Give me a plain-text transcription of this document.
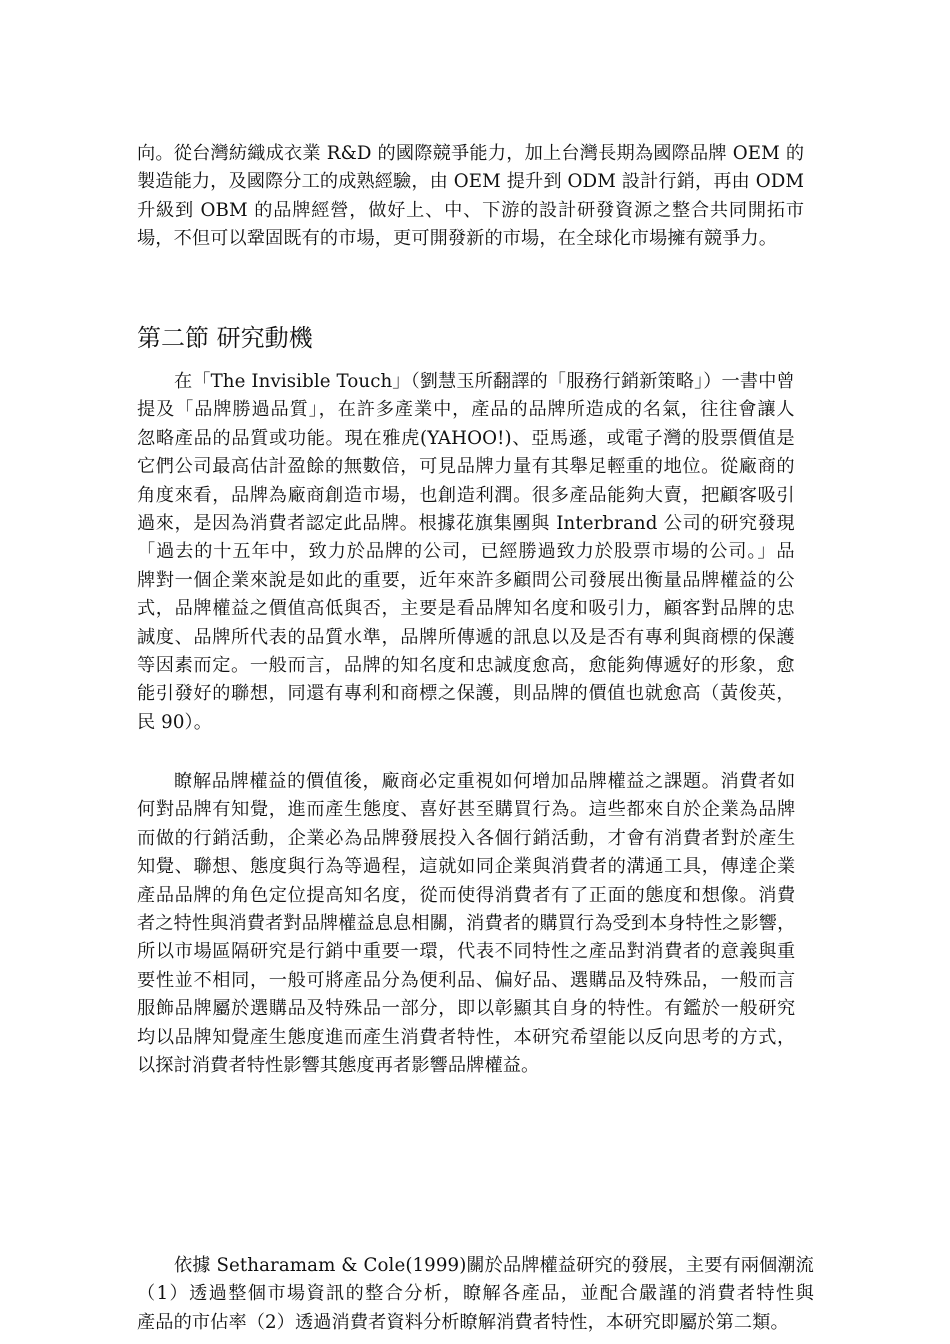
向。從台灣紡織成衣業 R&D 的國際競爭能力，加上台灣長期為國際品牌 OEM 的
製造能力，及國際分工的成熟經驗，由 OEM 提升到 ODM 設計行銷，再由 ODM
升級到 OBM 的品牌經營，做好上、中、下游的設計研發資源之整合共同開拓市
場，不但可以鞏固既有的市場，更可開發新的市場，在全球化市場擁有競爭力。
第二節 研究動機
在「The Invisible Touch」（劉慧玉所翻譯的「服務行銷新策略」）一書中曾
提及「品牌勝過品質」，在許多產業中，產品的品牌所造成的名氣，往往會讓人
忽略產品的品質或功能。現在雅虎(YAHOO!)、亞馬遜，或電子灣的股票價值是
它們公司最高估計盈餘的無數倍，可見品牌力量有其舉足輕重的地位。從廠商的
角度來看，品牌為廠商創造市場，也創造利潤。很多產品能夠大賣，把顧客吸引
過來，是因為消費者認定此品牌。根據花旗集團與 Interbrand 公司的研究發現
「過去的十五年中，致力於品牌的公司，已經勝過致力於股票市場的公司。」品
牌對一個企業來說是如此的重要，近年來許多顧問公司發展出衡量品牌權益的公
式，品牌權益之價值高低與否，主要是看品牌知名度和吸引力，顧客對品牌的忠
誠度、品牌所代表的品質水準，品牌所傳遞的訊息以及是否有專利與商標的保護
等因素而定。一般而言，品牌的知名度和忠誠度愈高，愈能夠傳遞好的形象，愈
能引發好的聯想，同還有專利和商標之保護，則品牌的價值也就愈高（黃俊英，
民 90）。
瞭解品牌權益的價值後，廠商必定重視如何增加品牌權益之課題。消費者如
何對品牌有知覺，進而產生態度、喜好甚至購買行為。這些都來自於企業為品牌
而做的行銷活動，企業必為品牌發展投入各個行銷活動，才會有消費者對於產生
知覺、聯想、態度與行為等過程，這就如同企業與消費者的溝通工具，傳達企業
產品品牌的角色定位提高知名度，從而使得消費者有了正面的態度和想像。消費
者之特性與消費者對品牌權益息息相關，消費者的購買行為受到本身特性之影響，
所以市場區隔研究是行銷中重要一環，代表不同特性之產品對消費者的意義與重
要性並不相同，一般可將產品分為便利品、偏好品、選購品及特殊品，一般而言
服飾品牌屬於選購品及特殊品一部分，即以彰顯其自身的特性。有鑑於一般研究
均以品牌知覺產生態度進而產生消費者特性，本研究希望能以反向思考的方式，
以探討消費者特性影響其態度再者影響品牌權益。
依據 Setharamam & Cole(1999)關於品牌權益研究的發展，主要有兩個潮流
（1）透過整個市場資訊的整合分析，瞭解各產品，並配合嚴謹的消費者特性與
產品的市佔率（2）透過消費者資料分析瞭解消費者特性，本研究即屬於第二類。
